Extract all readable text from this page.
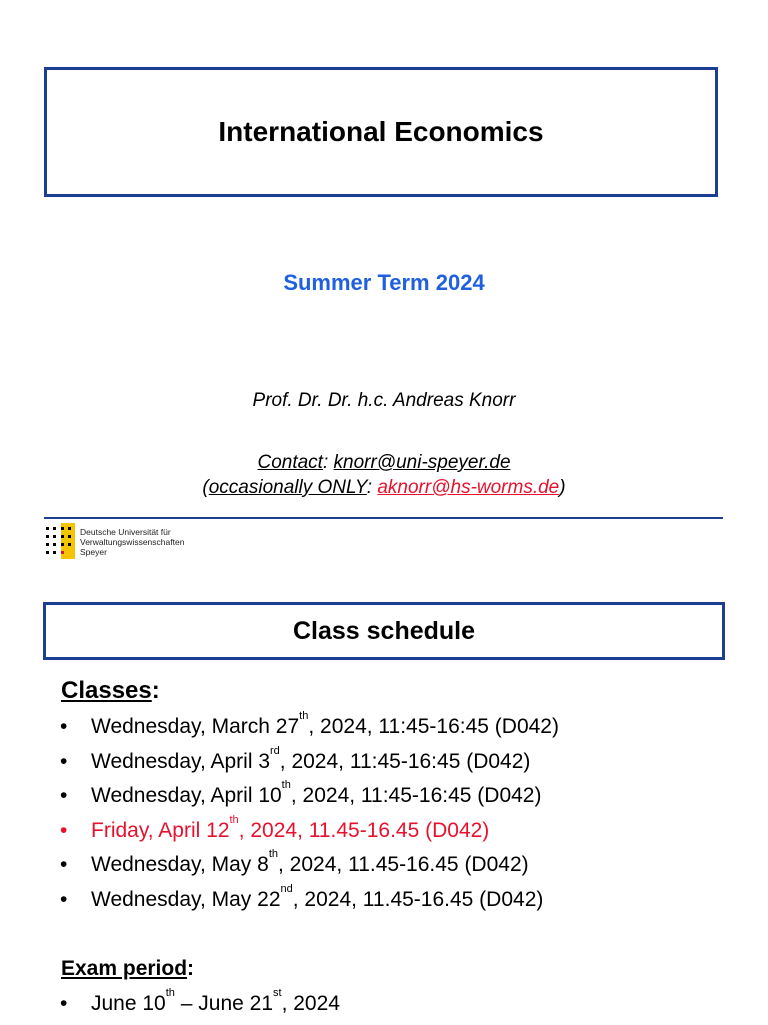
International Economics
Summer Term 2024
Prof. Dr. Dr. h.c. Andreas Knorr
Contact: knorr@uni-speyer.de
(occasionally ONLY: aknorr@hs-worms.de)
Deutsche Universität für
Verwaltungswissenschaften
Speyer
Class schedule
Classes:
• Wednesday, March 27th, 2024, 11:45-16:45 (D042)
• Wednesday, April 3rd, 2024, 11:45-16:45 (D042)
• Wednesday, April 10th, 2024, 11:45-16:45 (D042)
• Friday, April 12th, 2024, 11.45-16.45 (D042)
• Wednesday, May 8th, 2024, 11.45-16.45 (D042)
• Wednesday, May 22nd, 2024, 11.45-16.45 (D042)
Exam period:
• June 10th – June 21st, 2024
